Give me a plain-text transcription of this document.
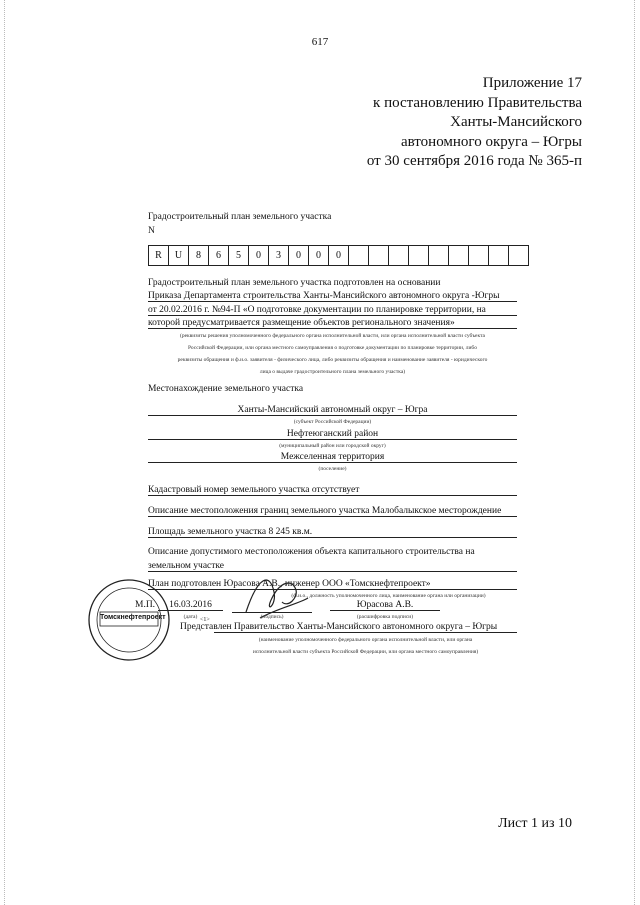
617
Приложение 17
к постановлению Правительства
Ханты-Мансийского
автономного округа – Югры
от 30 сентября 2016 года № 365-п
Градостроительный план земельного участка
N
R	U	8	6	5	0	3	0	0	0
Градостроительный план земельного участка подготовлен на основании
Приказа Департамента строительства Ханты-Мансийского автономного округа -Югры
от 20.02.2016 г. №94-П «О подготовке документации по планировке территории, на
которой предусматривается размещение объектов регионального значения»
(реквизиты решения уполномоченного федерального органа исполнительной власти, или органа исполнительной власти субъекта
Российской Федерации, или органа местного самоуправления о подготовке документации по планировке территории, либо
реквизиты обращения и ф.и.о. заявителя - физического лица, либо реквизиты обращения и наименование заявителя - юридического
лица о выдаче градостроительного плана земельного участка)
Местонахождение земельного участка
Ханты-Мансийский автономный округ – Югра
(субъект Российской Федерации)
Нефтеюганский район
(муниципальный район или городской округ)
Межселенная территория
(поселение)
Кадастровый номер земельного участка отсутствует
Описание местоположения границ земельного участка Малобалыкское месторождение
Площадь земельного участка 8 245 кв.м.
Описание допустимого местоположения объекта капитального строительства на
земельном участке
План подготовлен Юрасова А.В., инженер ООО «Томскнефтепроект»
(ф.и.о., должность уполномоченного лица, наименование органа или организации)
М.П.	16.03.2016
(дата)	(подпись)
Юрасова А.В.
(расшифровка подписи)
Представлен
<1>
Правительство Ханты-Мансийского автономного округа – Югры
(наименование уполномоченного федерального органа исполнительной власти, или органа
исполнительной власти субъекта Российской Федерации, или органа местного самоуправления)
Томскнефтепроект
Лист 1 из 10
